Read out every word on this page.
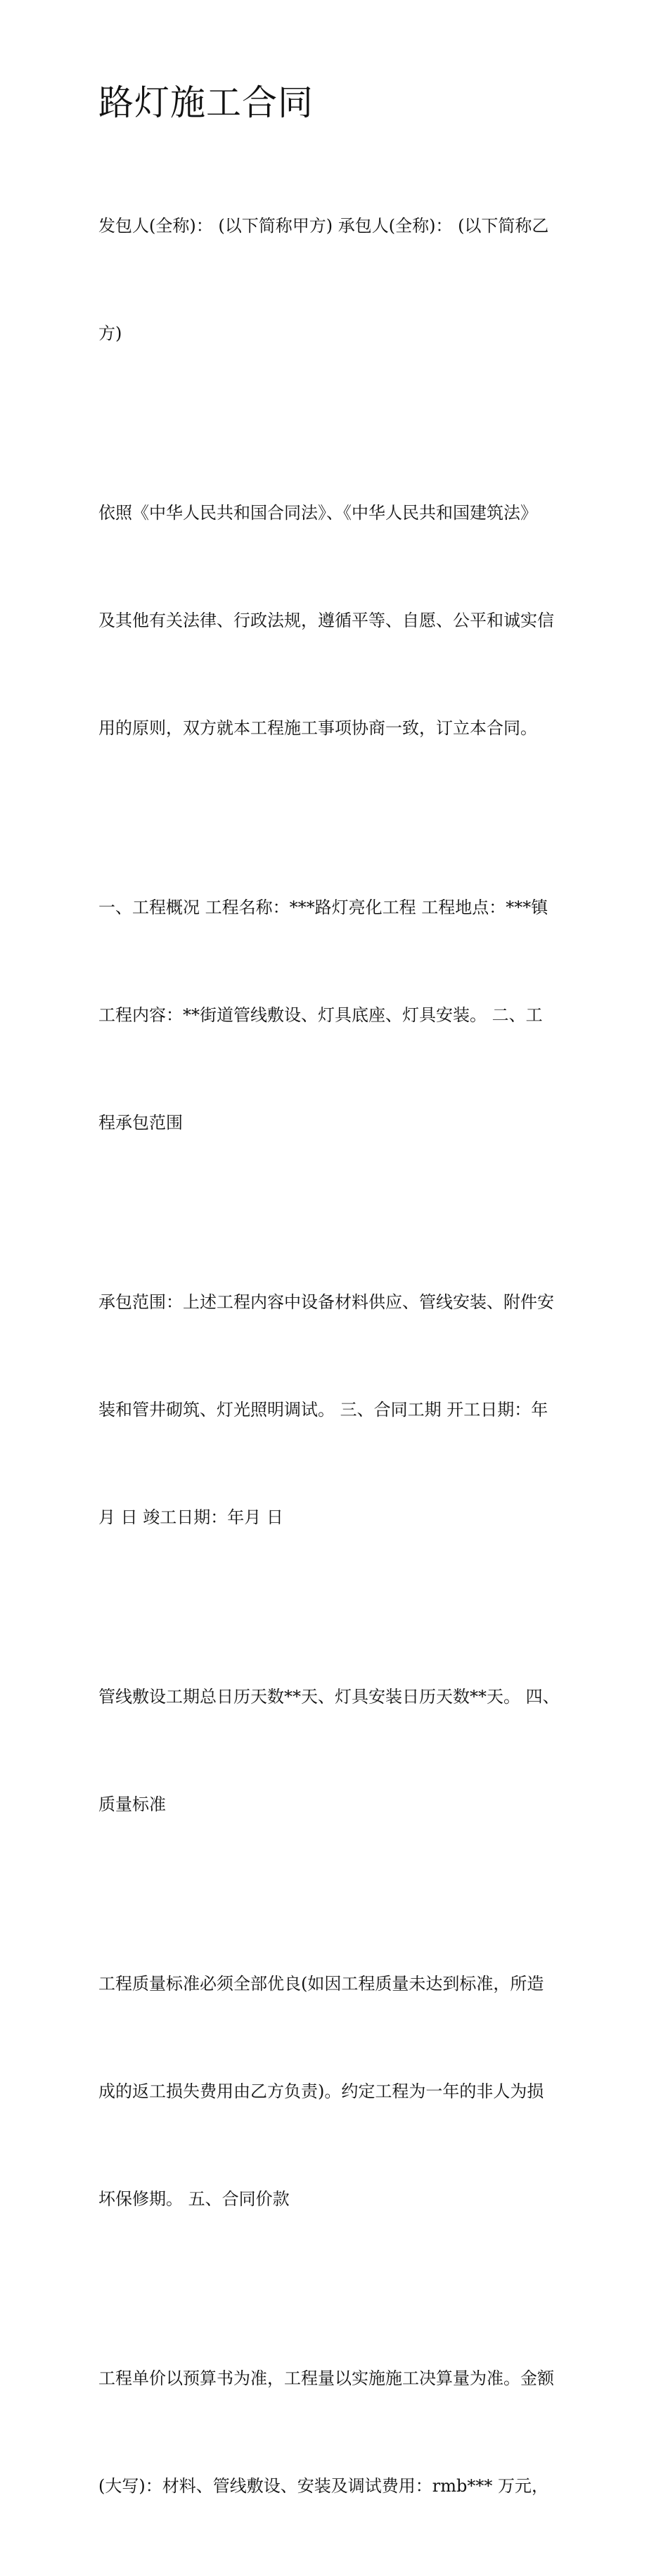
路灯施工合同

发包人(全称)： (以下简称甲方) 承包人(全称)： (以下简称乙

方)

依照《中华人民共和国合同法》、《中华人民共和国建筑法》

及其他有关法律、行政法规，遵循平等、自愿、公平和诚实信

用的原则，双方就本工程施工事项协商一致，订立本合同。

一、工程概况 工程名称：***路灯亮化工程 工程地点：***镇

工程内容：**街道管线敷设、灯具底座、灯具安装。 二、工

程承包范围

承包范围：上述工程内容中设备材料供应、管线安装、附件安

装和管井砌筑、灯光照明调试。 三、合同工期 开工日期：年

月 日 竣工日期：年月 日

管线敷设工期总日历天数**天、灯具安装日历天数**天。 四、

质量标准

工程质量标准必须全部优良(如因工程质量未达到标准，所造

成的返工损失费用由乙方负责)。约定工程为一年的非人为损

坏保修期。 五、合同价款

工程单价以预算书为准，工程量以实施施工决算量为准。金额

(大写)：材料、管线敷设、安装及调试费用：rmb*** 万元，
